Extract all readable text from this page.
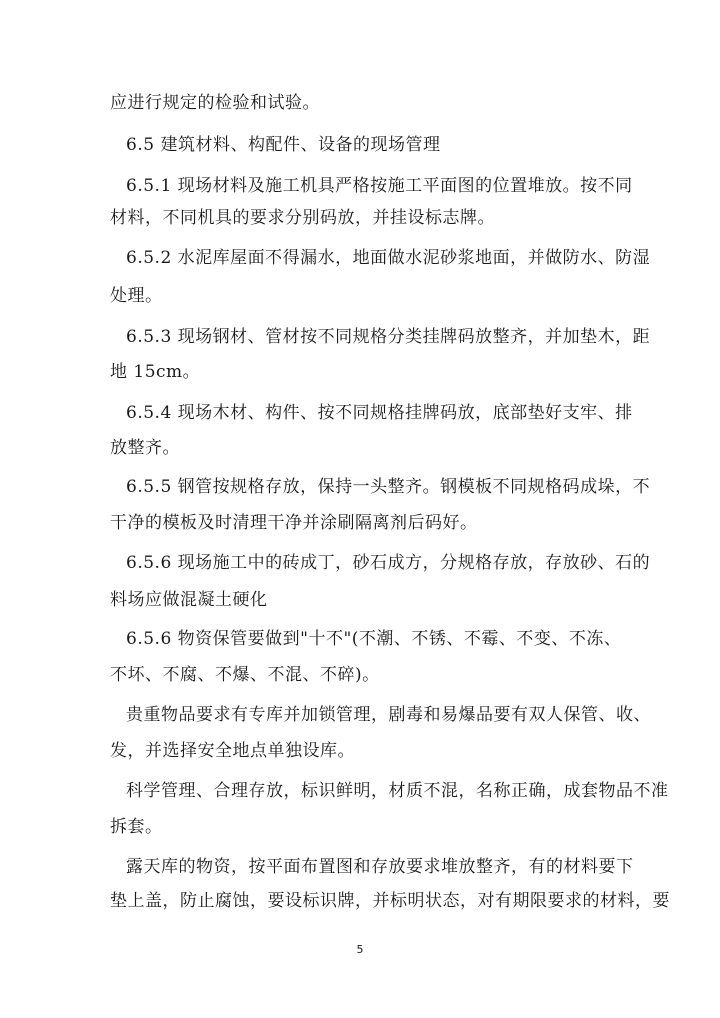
应进行规定的检验和试验。
6.5 建筑材料、构配件、设备的现场管理
6.5.1 现场材料及施工机具严格按施工平面图的位置堆放。按不同
材料，不同机具的要求分别码放，并挂设标志牌。
6.5.2 水泥库屋面不得漏水，地面做水泥砂浆地面，并做防水、防湿
处理。
6.5.3 现场钢材、管材按不同规格分类挂牌码放整齐，并加垫木，距
地 15cm。
6.5.4 现场木材、构件、按不同规格挂牌码放，底部垫好支牢、排
放整齐。
6.5.5 钢管按规格存放，保持一头整齐。钢模板不同规格码成垛，不
干净的模板及时清理干净并涂刷隔离剂后码好。
6.5.6 现场施工中的砖成丁，砂石成方，分规格存放，存放砂、石的
料场应做混凝土硬化
6.5.6 物资保管要做到"十不"(不潮、不锈、不霉、不变、不冻、
不坏、不腐、不爆、不混、不碎)。
贵重物品要求有专库并加锁管理，剧毒和易爆品要有双人保管、收、
发，并选择安全地点单独设库。
科学管理、合理存放，标识鲜明，材质不混，名称正确，成套物品不准
拆套。
露天库的物资，按平面布置图和存放要求堆放整齐，有的材料要下
垫上盖，防止腐蚀，要设标识牌，并标明状态，对有期限要求的材料，要
5
